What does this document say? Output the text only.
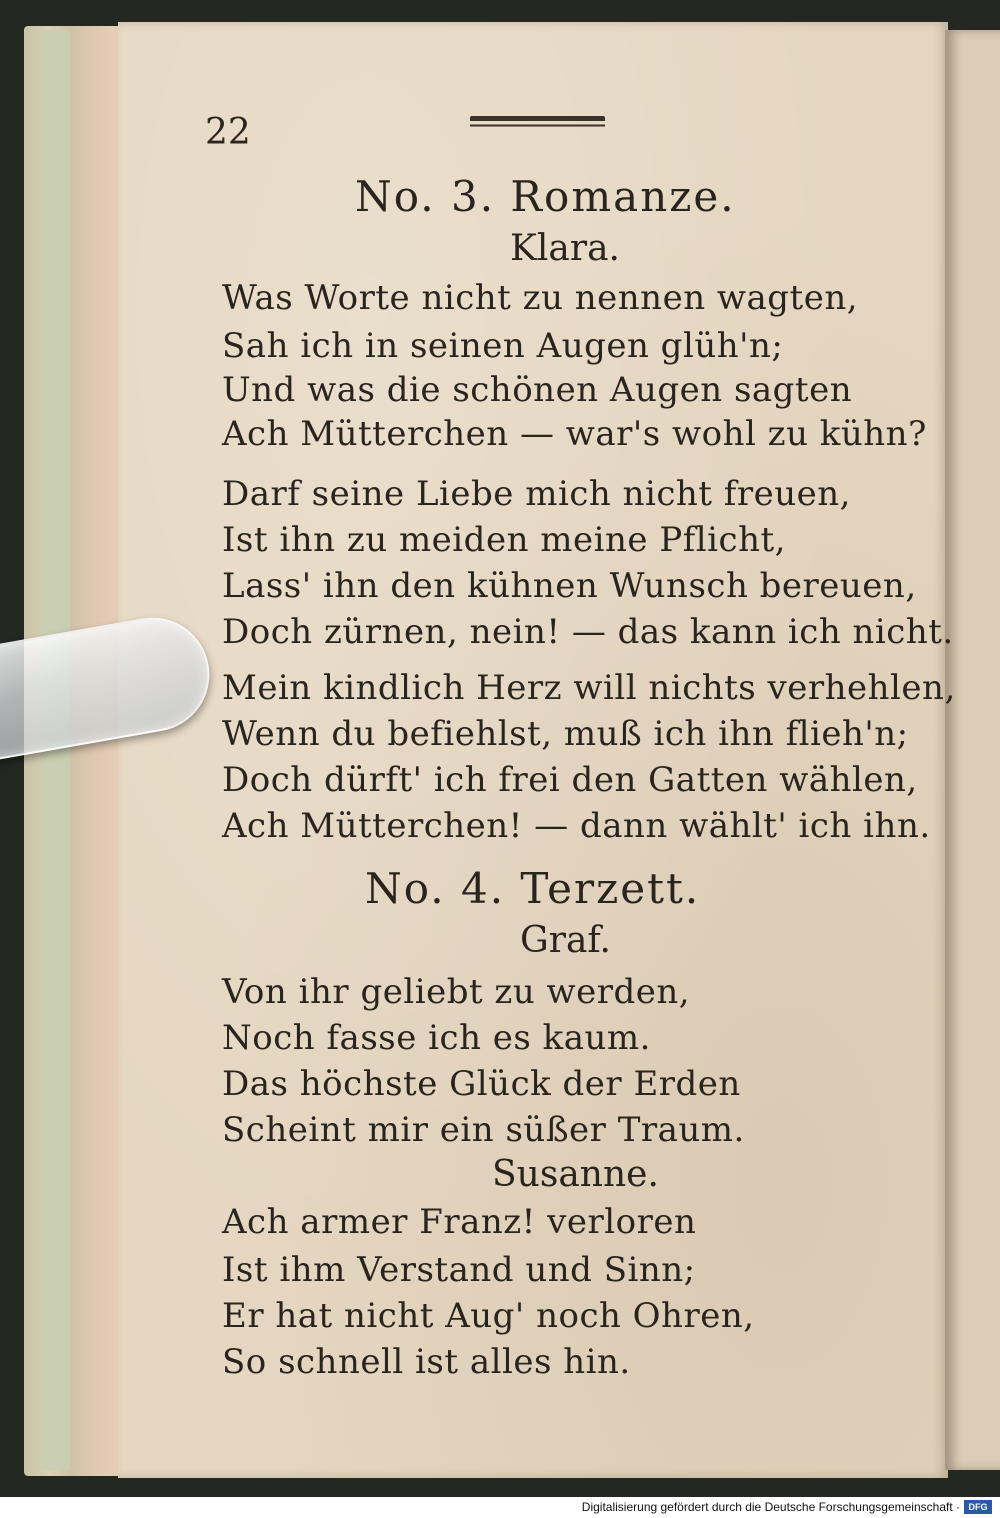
22

No. 3. Romanze.

Klara.

Was Worte nicht zu nennen wagten,

Sah ich in seinen Augen glüh'n;

Und was die schönen Augen sagten

Ach Mütterchen — war's wohl zu kühn?

Darf seine Liebe mich nicht freuen,

Ist ihn zu meiden meine Pflicht,

Lass' ihn den kühnen Wunsch bereuen,

Doch zürnen, nein! — das kann ich nicht.

Mein kindlich Herz will nichts verhehlen,

Wenn du befiehlst, muß ich ihn flieh'n;

Doch dürft' ich frei den Gatten wählen,

Ach Mütterchen! — dann wählt' ich ihn.

No. 4. Terzett.

Graf.

Von ihr geliebt zu werden,

Noch fasse ich es kaum.

Das höchste Glück der Erden

Scheint mir ein süßer Traum.

Susanne.

Ach armer Franz! verloren

Ist ihm Verstand und Sinn;

Er hat nicht Aug' noch Ohren,

So schnell ist alles hin.

Digitalisierung gefördert durch die Deutsche Forschungsgemeinschaft · DFG
